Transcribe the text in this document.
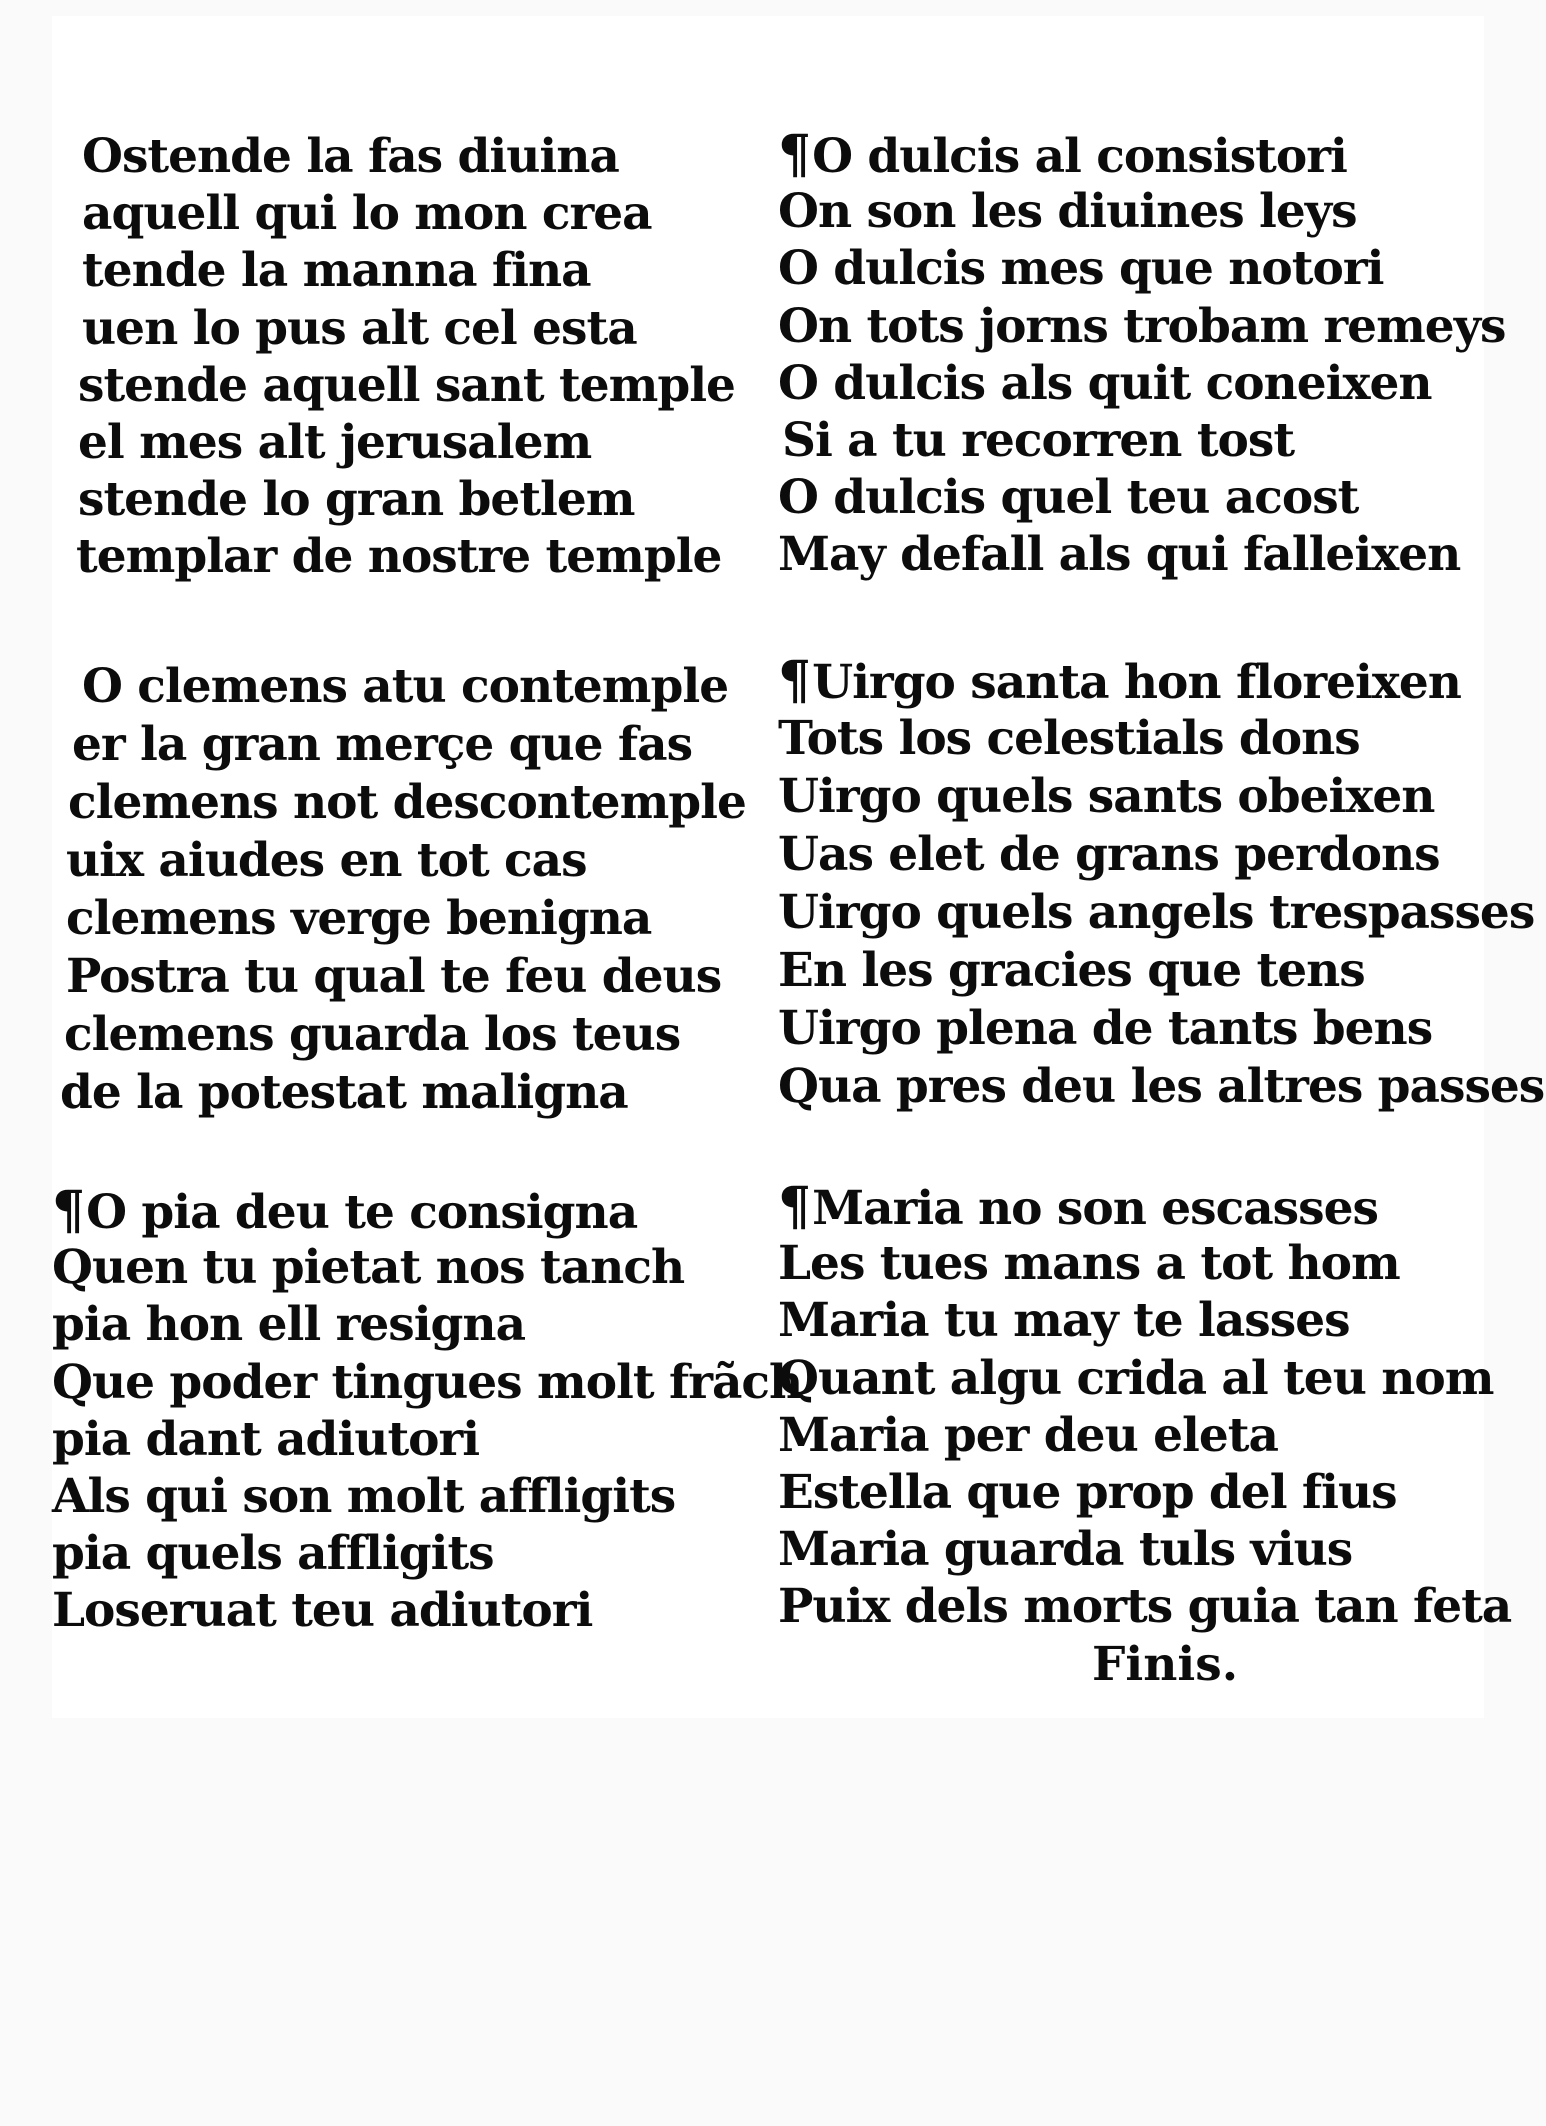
Ostende la fas diuina
aquell qui lo mon crea
tende la manna fina
uen lo pus alt cel esta
stende aquell sant temple
el mes alt jerusalem
stende lo gran betlem
templar de nostre temple
O clemens atu contemple
er la gran merçe que fas
clemens not descontemple
uix aiudes en tot cas
clemens verge benigna
Postra tu qual te feu deus
clemens guarda los teus
de la potestat maligna
¶O pia deu te consigna
Quen tu pietat nos tanch
pia hon ell resigna
Que poder tingues molt frãch
pia dant adiutori
Als qui son molt affligits
pia quels affligits
Loseruat teu adiutori
¶O dulcis al consistori
On son les diuines leys
O dulcis mes que notori
On tots jorns trobam remeys
O dulcis als quit coneixen
Si a tu recorren tost
O dulcis quel teu acost
May defall als qui falleixen
¶Uirgo santa hon floreixen
Tots los celestials dons
Uirgo quels sants obeixen
Uas elet de grans perdons
Uirgo quels angels trespasses
En les gracies que tens
Uirgo plena de tants bens
Qua pres deu les altres passes
¶Maria no son escasses
Les tues mans a tot hom
Maria tu may te lasses
Quant algu crida al teu nom
Maria per deu eleta
Estella que prop del fius
Maria guarda tuls vius
Puix dels morts guia tan feta
Finis.
